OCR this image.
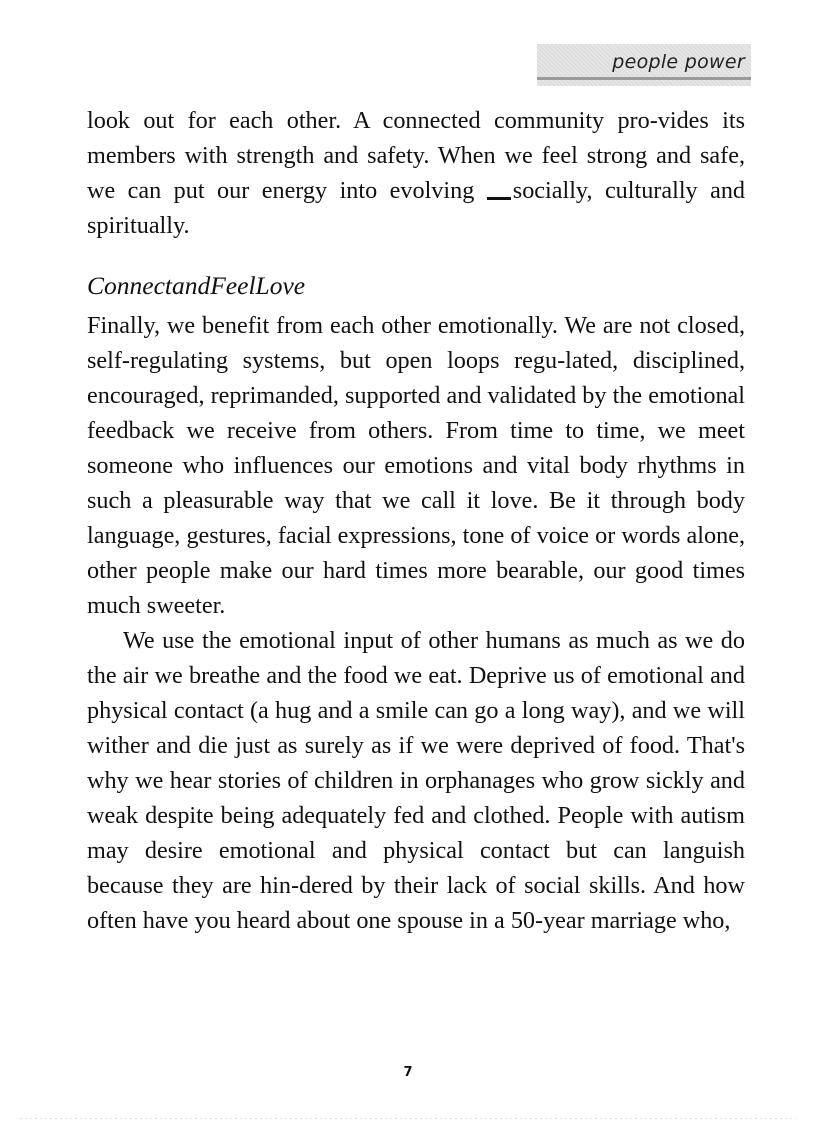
people power

look out for each other. A connected community pro-vides its members with strength and safety. When we feel strong and safe, we can put our energy into evolving socially, culturally and spiritually.

ConnectandFeelLove

Finally, we benefit from each other emotionally. We are not closed, self-regulating systems, but open loops regu-lated, disciplined, encouraged, reprimanded, supported and validated by the emotional feedback we receive from others. From time to time, we meet someone who influences our emotions and vital body rhythms in such a pleasurable way that we call it love. Be it through body language, gestures, facial expressions, tone of voice or words alone, other people make our hard times more bearable, our good times much sweeter.

We use the emotional input of other humans as much as we do the air we breathe and the food we eat. Deprive us of emotional and physical contact (a hug and a smile can go a long way), and we will wither and die just as surely as if we were deprived of food. That's why we hear stories of children in orphanages who grow sickly and weak despite being adequately fed and clothed. People with autism may desire emotional and physical contact but can languish because they are hin-dered by their lack of social skills. And how often have you heard about one spouse in a 50-year marriage who,

7
